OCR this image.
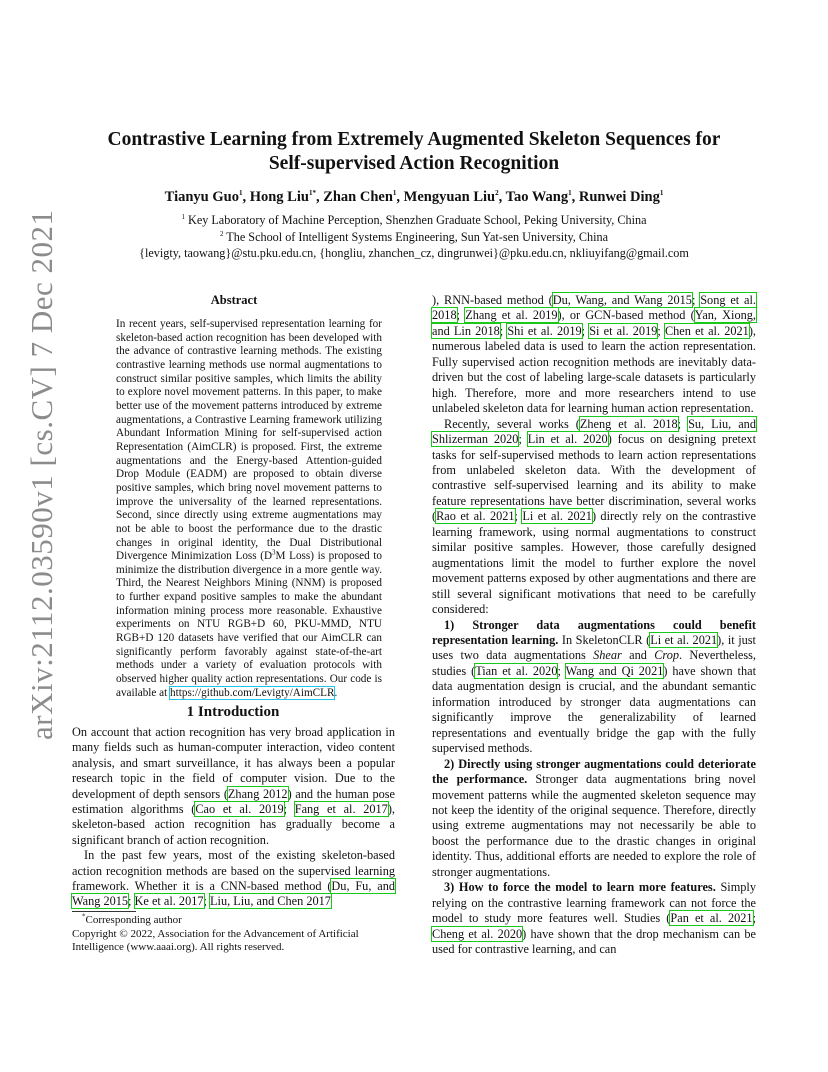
arXiv:2112.03590v1 [cs.CV] 7 Dec 2021
Contrastive Learning from Extremely Augmented Skeleton Sequences for
Self-supervised Action Recognition
Tianyu Guo$^1$, Hong Liu$^{1*}$, Zhan Chen$^1$, Mengyuan Liu$^2$, Tao Wang$^1$, Runwei Ding$^1$
$^1$ Key Laboratory of Machine Perception, Shenzhen Graduate School, Peking University, China
$^2$ The School of Intelligent Systems Engineering, Sun Yat-sen University, China
{levigty, taowang}@stu.pku.edu.cn, {hongliu, zhanchen_cz, dingrunwei}@pku.edu.cn, nkliuyifang@gmail.com
Abstract
In recent years, self-supervised representation learning for skeleton-based action recognition has been developed with the advance of contrastive learning methods. The existing contrastive learning methods use normal augmentations to construct similar positive samples, which limits the ability to explore novel movement patterns. In this paper, to make better use of the movement patterns introduced by extreme augmentations, a Contrastive Learning framework utilizing Abundant Information Mining for self-supervised action Representation (AimCLR) is proposed. First, the extreme augmentations and the Energy-based Attention-guided Drop Module (EADM) are proposed to obtain diverse positive samples, which bring novel movement patterns to improve the universality of the learned representations. Second, since directly using extreme augmentations may not be able to boost the performance due to the drastic changes in original identity, the Dual Distributional Divergence Minimization Loss ($D^3M$ Loss) is proposed to minimize the distribution divergence in a more gentle way. Third, the Nearest Neighbors Mining (NNM) is proposed to further expand positive samples to make the abundant information mining process more reasonable. Exhaustive experiments on NTU RGB+D 60, PKU-MMD, NTU RGB+D 120 datasets have verified that our AimCLR can significantly perform favorably against state-of-the-art methods under a variety of evaluation protocols with observed higher quality action representations. Our code is available at https://github.com/Levigty/AimCLR.
1 Introduction

On account that action recognition has very broad application in many fields such as human-computer interaction, video content analysis, and smart surveillance, it has always been a popular research topic in the field of computer vision. Due to the development of depth sensors (Zhang 2012) and the human pose estimation algorithms (Cao et al. 2019; Fang et al. 2017), skeleton-based action recognition has gradually become a significant branch of action recognition.

In the past few years, most of the existing skeleton-based action recognition methods are based on the supervised learning framework. Whether it is a CNN-based method (Du, Fu, and Wang 2015; Ke et al. 2017; Liu, Liu, and Chen 2017

*Corresponding author
Copyright © 2022, Association for the Advancement of Artificial Intelligence (www.aaai.org). All rights reserved.

), RNN-based method (Du, Wang, and Wang 2015; Song et al. 2018; Zhang et al. 2019), or GCN-based method (Yan, Xiong, and Lin 2018; Shi et al. 2019; Si et al. 2019; Chen et al. 2021), numerous labeled data is used to learn the action representation. Fully supervised action recognition methods are inevitably data-driven but the cost of labeling large-scale datasets is particularly high. Therefore, more and more researchers intend to use unlabeled skeleton data for learning human action representation.

Recently, several works (Zheng et al. 2018; Su, Liu, and Shlizerman 2020; Lin et al. 2020) focus on designing pretext tasks for self-supervised methods to learn action representations from unlabeled skeleton data. With the development of contrastive self-supervised learning and its ability to make feature representations have better discrimination, several works (Rao et al. 2021; Li et al. 2021) directly rely on the contrastive learning framework, using normal augmentations to construct similar positive samples. However, those carefully designed augmentations limit the model to further explore the novel movement patterns exposed by other augmentations and there are still several significant motivations that need to be carefully considered:

1) Stronger data augmentations could benefit representation learning. In SkeletonCLR (Li et al. 2021), it just uses two data augmentations Shear and Crop. Nevertheless, studies (Tian et al. 2020; Wang and Qi 2021) have shown that data augmentation design is crucial, and the abundant semantic information introduced by stronger data augmentations can significantly improve the generalizability of learned representations and eventually bridge the gap with the fully supervised methods.

2) Directly using stronger augmentations could deteriorate the performance. Stronger data augmentations bring novel movement patterns while the augmented skeleton sequence may not keep the identity of the original sequence. Therefore, directly using extreme augmentations may not necessarily be able to boost the performance due to the drastic changes in original identity. Thus, additional efforts are needed to explore the role of stronger augmentations.

3) How to force the model to learn more features. Simply relying on the contrastive learning framework can not force the model to study more features well. Studies (Pan et al. 2021; Cheng et al. 2020) have shown that the drop mechanism can be used for contrastive learning, and can
